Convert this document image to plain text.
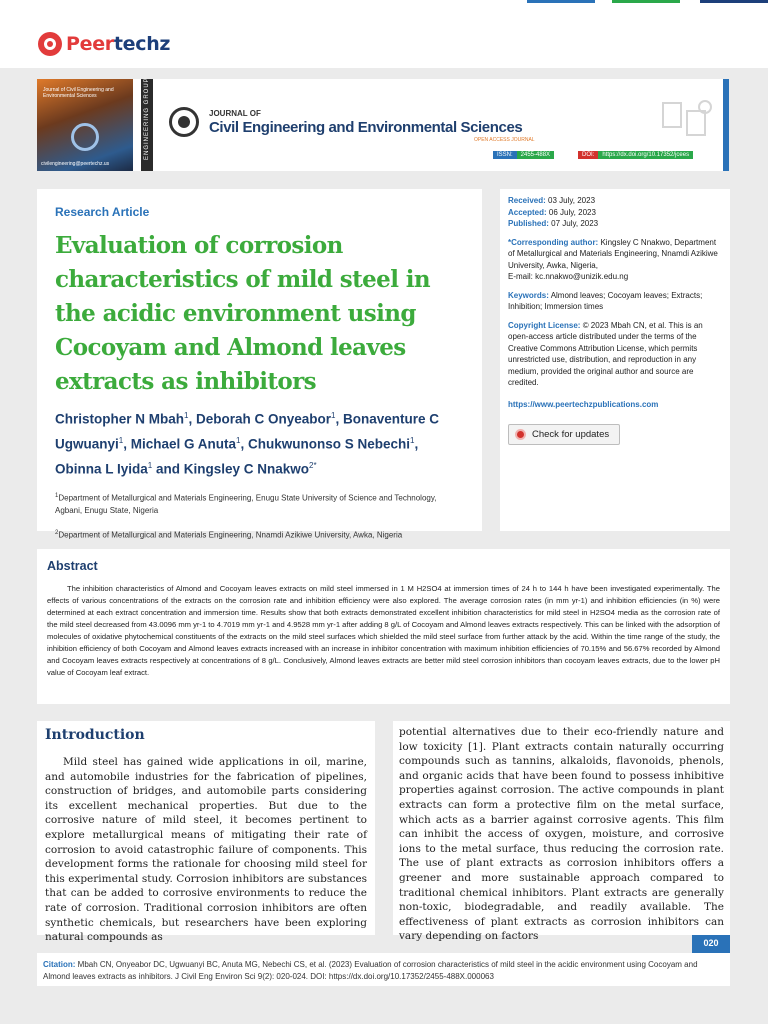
Peertechz
Journal of Civil Engineering and Environmental Sciences
civilengineering@peertechz.us
ENGINEERING GROUP	JOURNAL OF
Civil Engineering and Environmental Sciences
OPEN ACCESS JOURNAL
ISSN:	2455-488X	DOI:	https://dx.doi.org/10.17352/jcees
Research Article
Evaluation of corrosion characteristics of mild steel in the acidic environment using Cocoyam and Almond leaves extracts as inhibitors
Christopher N Mbah$^1$, Deborah C Onyeabor$^1$, Bonaventure C Ugwuanyi$^1$, Michael G Anuta$^1$, Chukwunonso S Nebechi$^1$, Obinna L Iyida$^1$ and Kingsley C Nnakwo$^{2*}$

$^1$Department of Metallurgical and Materials Engineering, Enugu State University of Science and Technology, Agbani, Enugu State, Nigeria

$^2$Department of Metallurgical and Materials Engineering, Nnamdi Azikiwe University, Awka, Nigeria

Received: 03 July, 2023
Accepted: 06 July, 2023
Published: 07 July, 2023
*Corresponding author: Kingsley C Nnakwo, Department of Metallurgical and Materials Engineering, Nnamdi Azikiwe University, Awka, Nigeria,
E-mail: kc.nnakwo@unizik.edu.ng
Keywords: Almond leaves; Cocoyam leaves; Extracts; Inhibition; Immersion times
Copyright License: © 2023 Mbah CN, et al. This is an open-access article distributed under the terms of the Creative Commons Attribution License, which permits unrestricted use, distribution, and reproduction in any medium, provided the original author and source are credited.
https://www.peertechzpublications.com
Check for updates
Abstract

The inhibition characteristics of Almond and Cocoyam leaves extracts on mild steel immersed in 1 M H2SO4 at immersion times of 24 h to 144 h have been investigated experimentally. The effects of various concentrations of the extracts on the corrosion rate and inhibition efficiency were also explored. The average corrosion rates (in mm yr-1) and inhibition efficiencies (in %) were determined at each extract concentration and immersion time. Results show that both extracts demonstrated excellent inhibition characteristics for mild steel in H2SO4 media as the corrosion rate of the mild steel decreased from 43.0096 mm yr-1 to 4.7019 mm yr-1 and 4.9528 mm yr-1 after adding 8 g/L of Cocoyam and Almond leaves extracts respectively. This can be linked with the adsorption of molecules of oxidative phytochemical constituents of the extracts on the mild steel surfaces which shielded the mild steel surface from further attack by the acid. Within the time range of the study, the inhibition efficiency of both Cocoyam and Almond leaves extracts increased with an increase in inhibitor concentration with maximum inhibition efficiencies of 70.15% and 56.67% recorded by Almond and Cocoyam leaves extracts respectively at concentrations of 8 g/L. Conclusively, Almond leaves extracts are better mild steel corrosion inhibitors than cocoyam leaves extracts, due to the lower pH value of Cocoyam leaf extract.

Introduction

Mild steel has gained wide applications in oil, marine, and automobile industries for the fabrication of pipelines, construction of bridges, and automobile parts considering its excellent mechanical properties. But due to the corrosive nature of mild steel, it becomes pertinent to explore metallurgical means of mitigating their rate of corrosion to avoid catastrophic failure of components. This development forms the rationale for choosing mild steel for this experimental study. Corrosion inhibitors are substances that can be added to corrosive environments to reduce the rate of corrosion. Traditional corrosion inhibitors are often synthetic chemicals, but researchers have been exploring natural compounds as

potential alternatives due to their eco-friendly nature and low toxicity [1]. Plant extracts contain naturally occurring compounds such as tannins, alkaloids, flavonoids, phenols, and organic acids that have been found to possess inhibitive properties against corrosion. The active compounds in plant extracts can form a protective film on the metal surface, which acts as a barrier against corrosive agents. This film can inhibit the access of oxygen, moisture, and corrosive ions to the metal surface, thus reducing the corrosion rate. The use of plant extracts as corrosion inhibitors offers a greener and more sustainable approach compared to traditional chemical inhibitors. Plant extracts are generally non-toxic, biodegradable, and readily available. The effectiveness of plant extracts as corrosion inhibitors can vary depending on factors

020
Citation: Mbah CN, Onyeabor DC, Ugwuanyi BC, Anuta MG, Nebechi CS, et al. (2023) Evaluation of corrosion characteristics of mild steel in the acidic environment using Cocoyam and Almond leaves extracts as inhibitors. J Civil Eng Environ Sci 9(2): 020-024. DOI: https://dx.doi.org/10.17352/2455-488X.000063
